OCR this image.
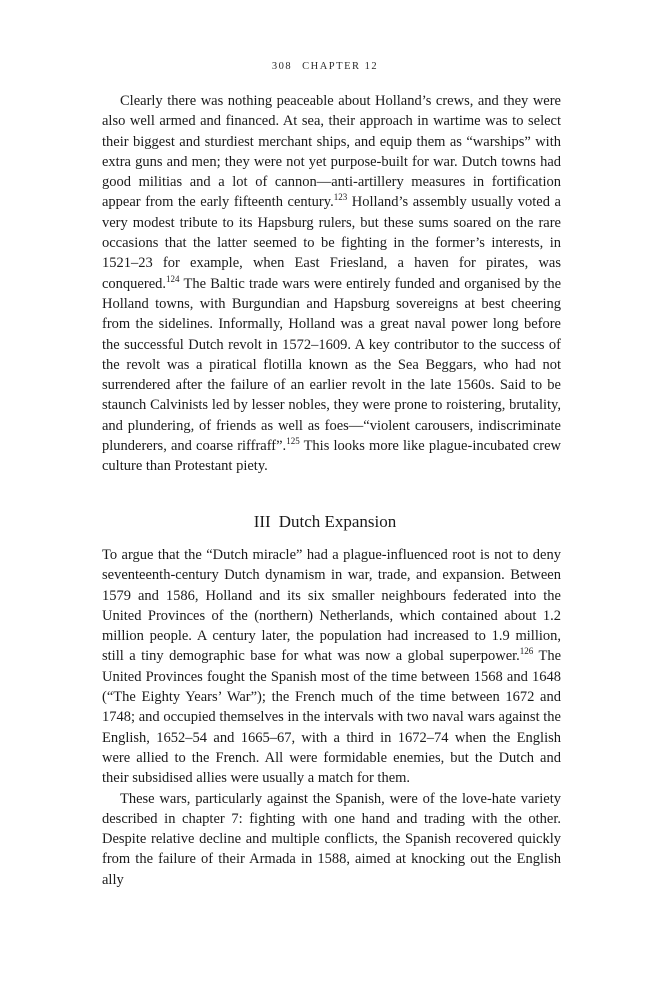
308 CHAPTER 12

Clearly there was nothing peaceable about Holland’s crews, and they were also well armed and financed. At sea, their approach in wartime was to select their biggest and sturdiest merchant ships, and equip them as “warships” with extra guns and men; they were not yet purpose-built for war. Dutch towns had good militias and a lot of cannon—anti-artillery measures in fortification appear from the early fifteenth century.$^{123}$ Holland’s assembly usually voted a very modest tribute to its Hapsburg rulers, but these sums soared on the rare occasions that the latter seemed to be fighting in the former’s interests, in 1521–23 for example, when East Friesland, a haven for pirates, was conquered.$^{124}$ The Baltic trade wars were entirely funded and organised by the Holland towns, with Burgundian and Hapsburg sovereigns at best cheering from the sidelines. Informally, Holland was a great naval power long before the successful Dutch revolt in 1572–1609. A key contributor to the success of the revolt was a piratical flotilla known as the Sea Beggars, who had not surrendered after the failure of an earlier revolt in the late 1560s. Said to be staunch Calvinists led by lesser nobles, they were prone to roistering, brutality, and plundering, of friends as well as foes—“violent carousers, indiscriminate plunderers, and coarse riffraff”.$^{125}$ This looks more like plague-incubated crew culture than Protestant piety.

III Dutch Expansion

To argue that the “Dutch miracle” had a plague-influenced root is not to deny seventeenth-century Dutch dynamism in war, trade, and expansion. Between 1579 and 1586, Holland and its six smaller neighbours federated into the United Provinces of the (northern) Netherlands, which contained about 1.2 million people. A century later, the population had increased to 1.9 million, still a tiny demographic base for what was now a global superpower.$^{126}$ The United Provinces fought the Spanish most of the time between 1568 and 1648 (“The Eighty Years’ War”); the French much of the time between 1672 and 1748; and occupied themselves in the intervals with two naval wars against the English, 1652–54 and 1665–67, with a third in 1672–74 when the English were allied to the French. All were formidable enemies, but the Dutch and their subsidised allies were usually a match for them.

These wars, particularly against the Spanish, were of the love-hate variety described in chapter 7: fighting with one hand and trading with the other. Despite relative decline and multiple conflicts, the Spanish recovered quickly from the failure of their Armada in 1588, aimed at knocking out the English ally
